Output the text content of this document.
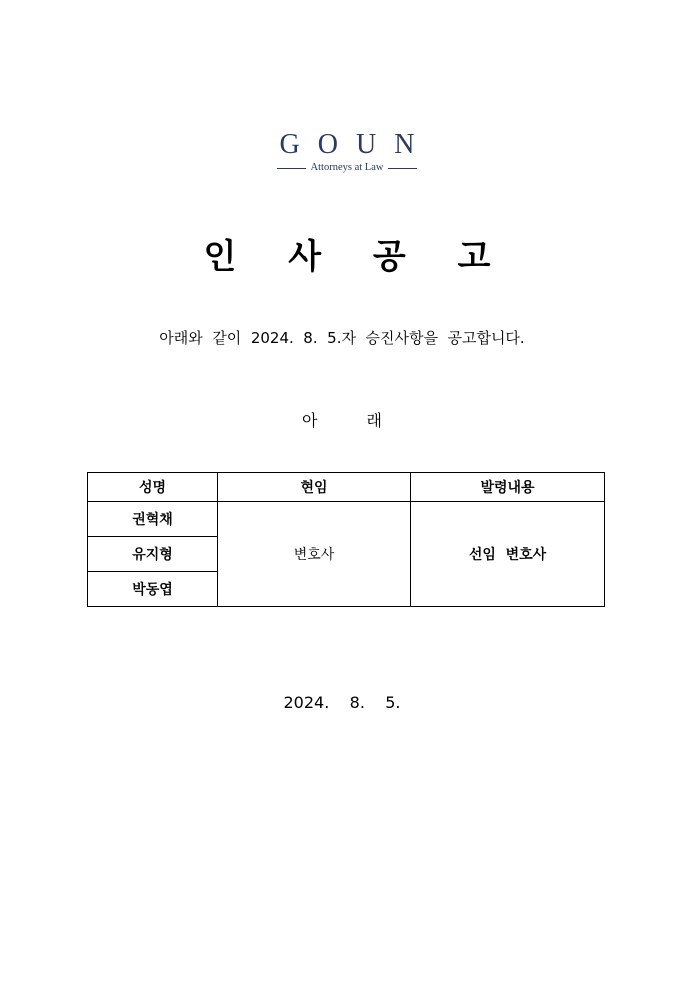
GOUN
Attorneys at Law
인 사 공 고
아래와  같이  2024.  8.  5.자  승진사항을  공고합니다.
아	래
성명	현임	발령내용
권혁채	변호사	선임  변호사
유지형		
박동엽		
2024.    8.    5.
